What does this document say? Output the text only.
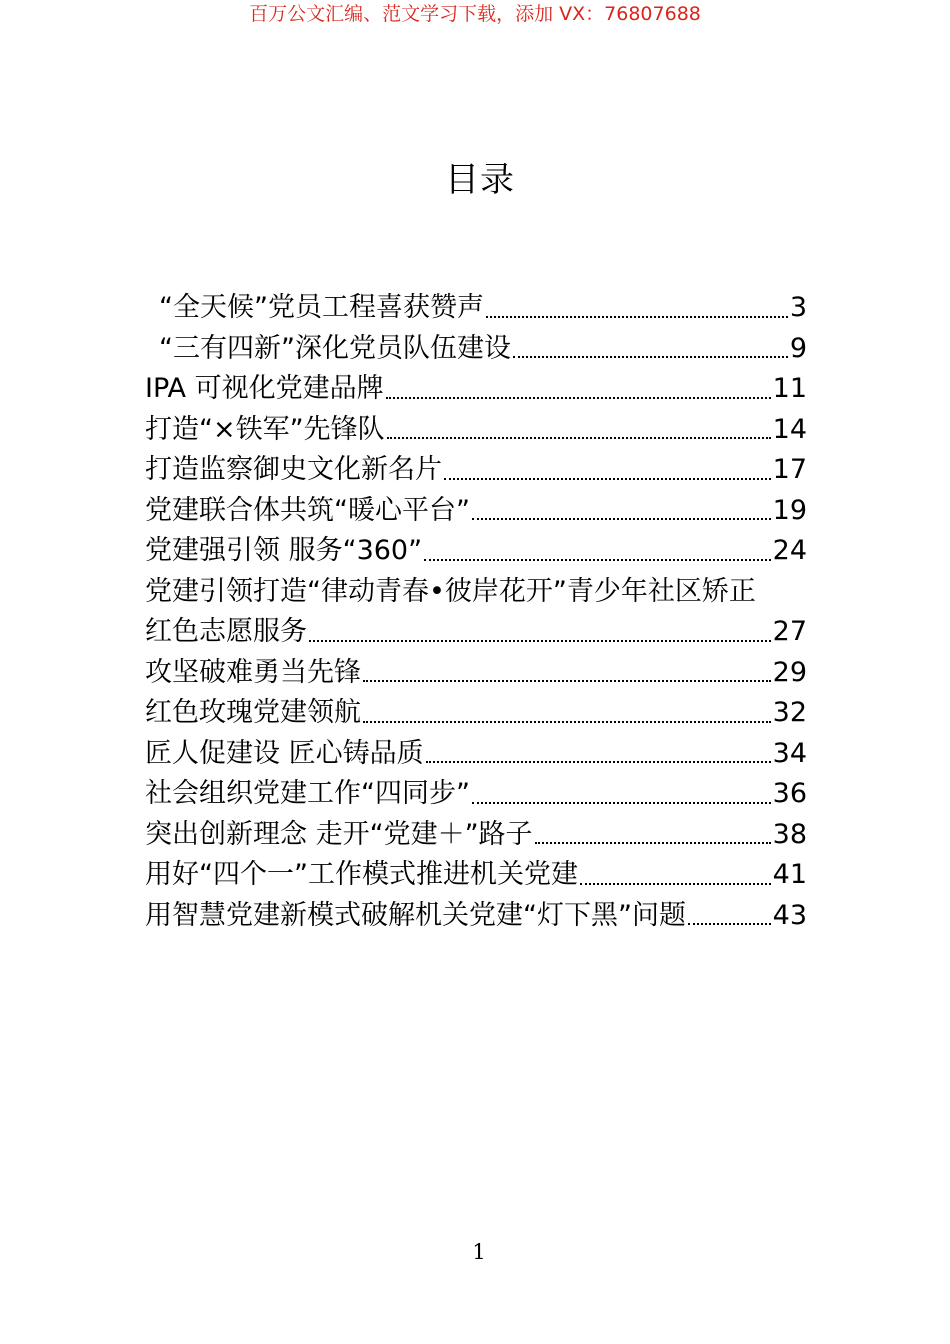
百万公文汇编、范文学习下载，添加 VX：76807688
目录
“全天候”党员工程喜获赞声	3
“三有四新”深化党员队伍建设	9
IPA 可视化党建品牌	11
打造“×铁军”先锋队	14
打造监察御史文化新名片	17
党建联合体共筑“暖心平台”	19
党建强引领 服务“360”	24
党建引领打造“律动青春•彼岸花开”青少年社区矫正
红色志愿服务	27
攻坚破难勇当先锋	29
红色玫瑰党建领航	32
匠人促建设 匠心铸品质	34
社会组织党建工作“四同步”	36
突出创新理念 走开“党建＋”路子	38
用好“四个一”工作模式推进机关党建	41
用智慧党建新模式破解机关党建“灯下黑”问题	43
1
